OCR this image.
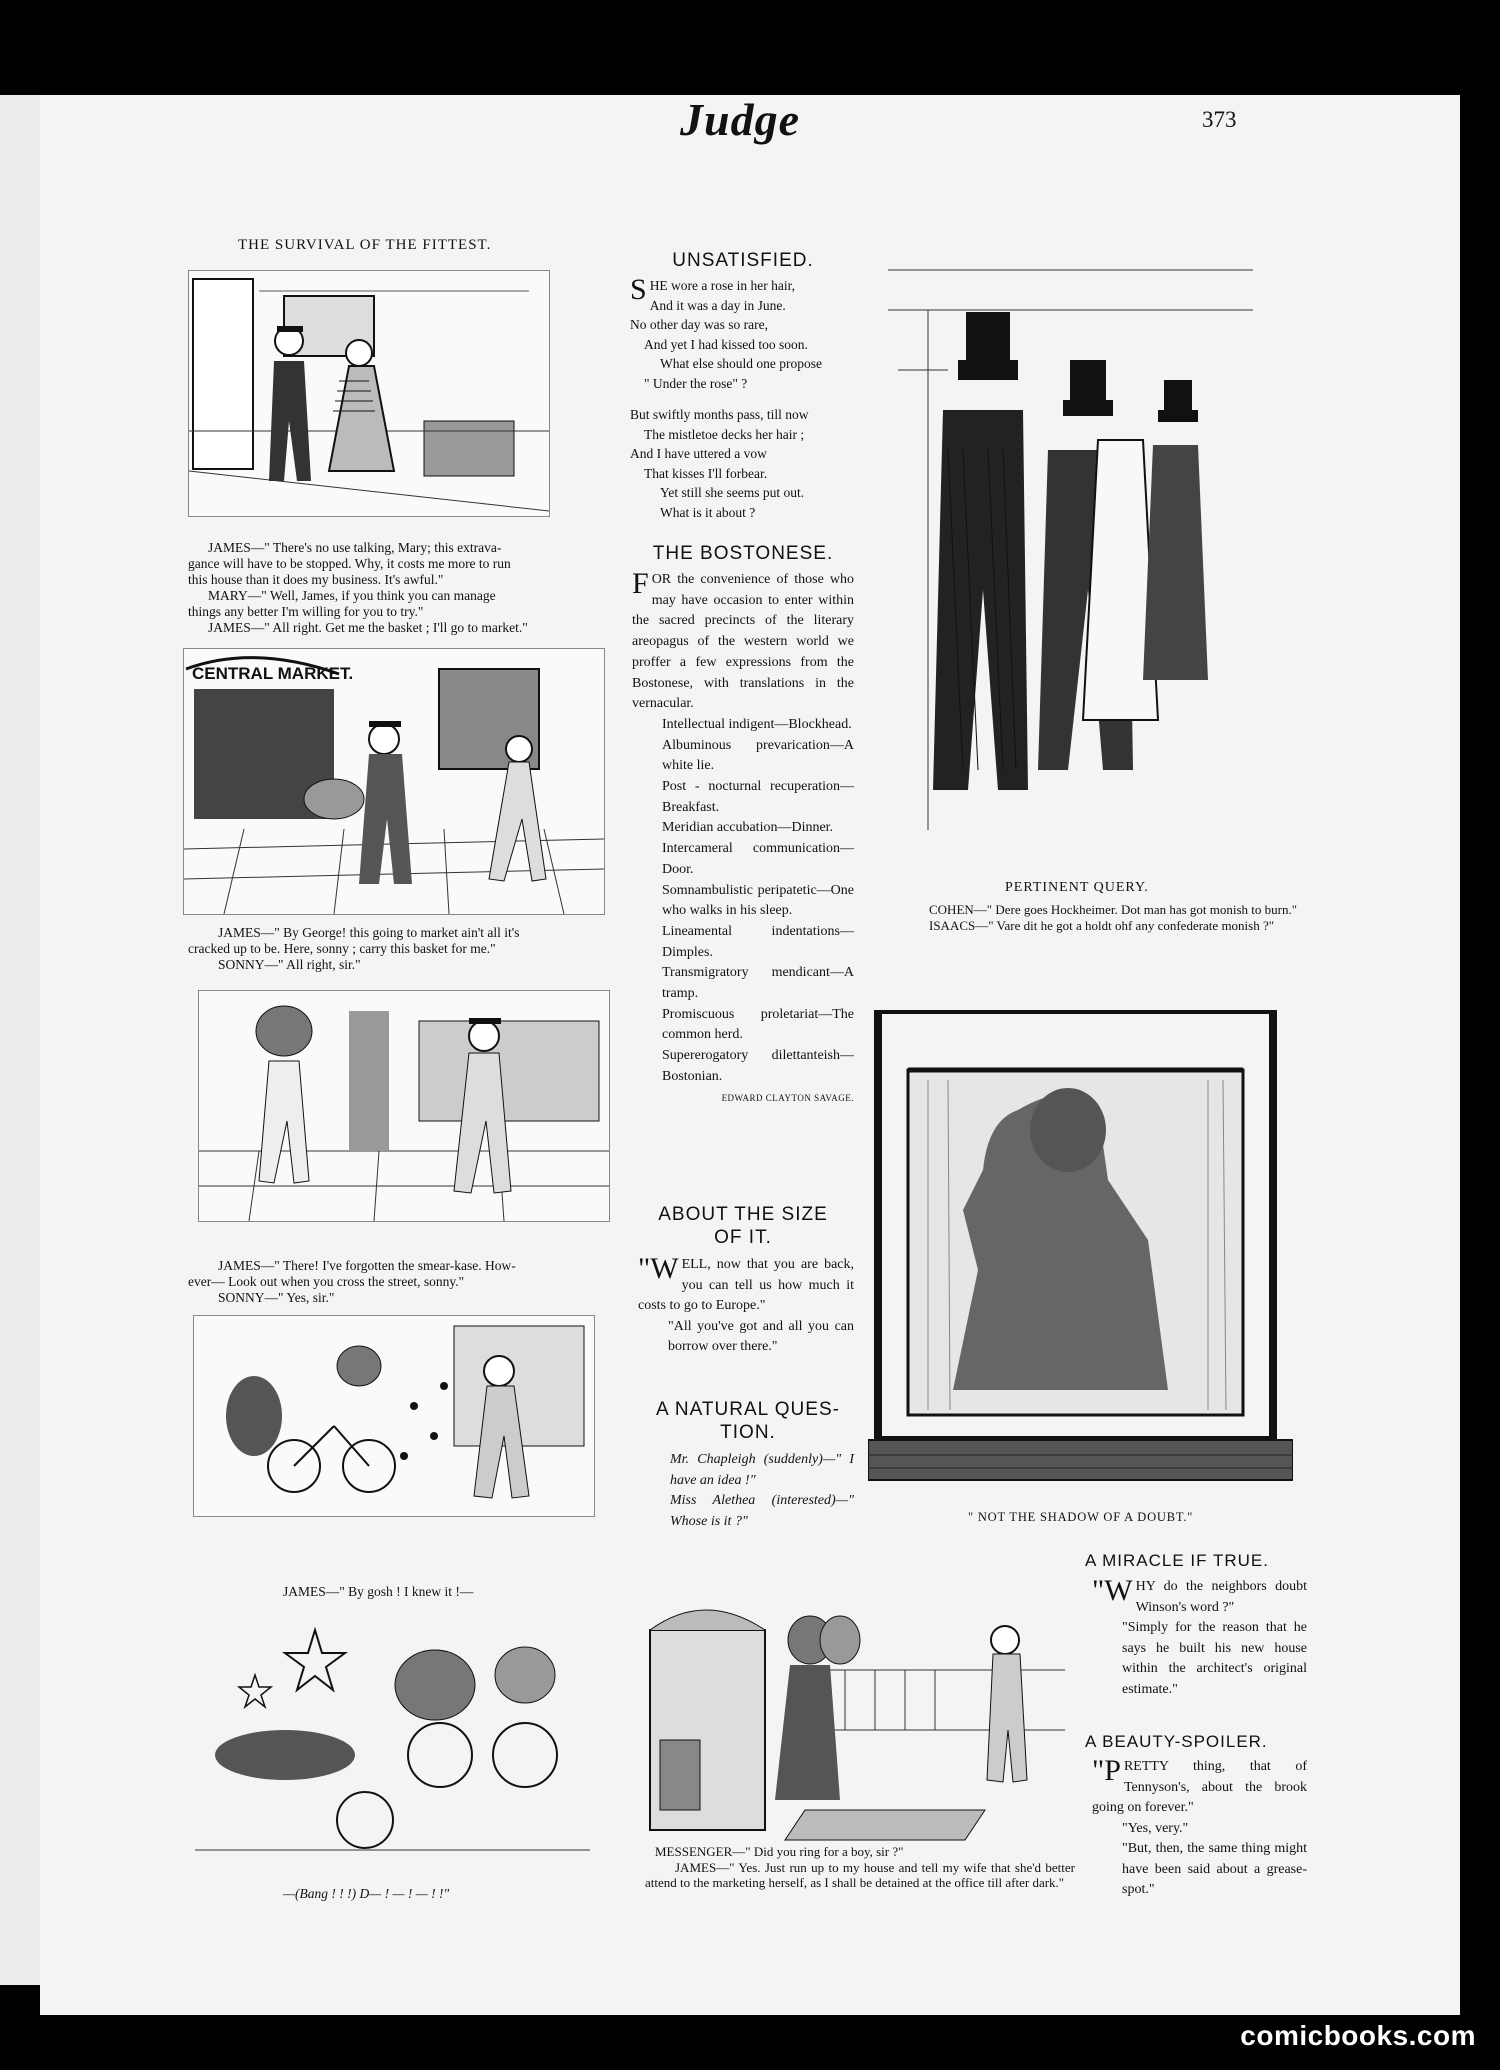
Judge	373
THE SURVIVAL OF THE FITTEST.
JAMES—" There's no use talking, Mary; this extrava-
gance will have to be stopped. Why, it costs me more to run
this house than it does my business. It's awful."
MARY—" Well, James, if you think you can manage
things any better I'm willing for you to try."
JAMES—" All right. Get me the basket ; I'll go to market."
CENTRAL MARKET.
JAMES—" By George! this going to market ain't all it's
cracked up to be. Here, sonny ; carry this basket for me."
SONNY—" All right, sir."
JAMES—" There! I've forgotten the smear-kase. How-
ever— Look out when you cross the street, sonny."
SONNY—" Yes, sir."
JAMES—" By gosh ! I knew it !—
—(Bang ! ! !) D— ! — ! — ! !"
UNSATISFIED.

SHE wore a rose in her hair,

And it was a day in June.

No other day was so rare,

And yet I had kissed too soon.

What else should one propose

" Under the rose" ?

But swiftly months pass, till now

The mistletoe decks her hair ;

And I have uttered a vow

That kisses I'll forbear.

Yet still she seems put out.

What is it about ?

THE BOSTONESE.

FOR the convenience of those who may have occasion to enter within the sacred precincts of the literary areopagus of the western world we proffer a few expressions from the Bostonese, with translations in the vernacular.

Intellectual indigent—Blockhead.

Albuminous prevarication—A white lie.

Post - nocturnal recuperation—Breakfast.

Meridian accubation—Dinner.

Intercameral communication—Door.

Somnambulistic peripatetic—One who walks in his sleep.

Lineamental indentations—Dimples.

Transmigratory mendicant—A tramp.

Promiscuous proletariat—The common herd.

Supererogatory dilettanteish—Bostonian.

EDWARD CLAYTON SAVAGE.
ABOUT THE SIZE
OF IT.

"W ELL, now that you are back, you can tell us how much it costs to go to Europe."

"All you've got and all you can borrow over there."

A NATURAL QUES-
TION.

Mr. Chapleigh (suddenly)—" I have an idea !"

Miss Alethea (interested)—" Whose is it ?"

PERTINENT QUERY.
COHEN—" Dere goes Hockheimer. Dot man has got monish to burn."
ISAACS—" Vare dit he got a holdt ohf any confederate monish ?"
" NOT THE SHADOW OF A DOUBT."
MESSENGER—" Did you ring for a boy, sir ?"
JAMES—" Yes. Just run up to my house and tell my wife that she'd better attend to the marketing herself, as I shall be detained at the office till after dark."
A MIRACLE IF TRUE.

"W HY do the neighbors doubt Winson's word ?"

"Simply for the reason that he says he built his new house within the architect's original estimate."

A BEAUTY-SPOILER.

"P RETTY thing, that of Tennyson's, about the brook going on forever."

"Yes, very."

"But, then, the same thing might have been said about a grease-spot."

comicbooks.com
